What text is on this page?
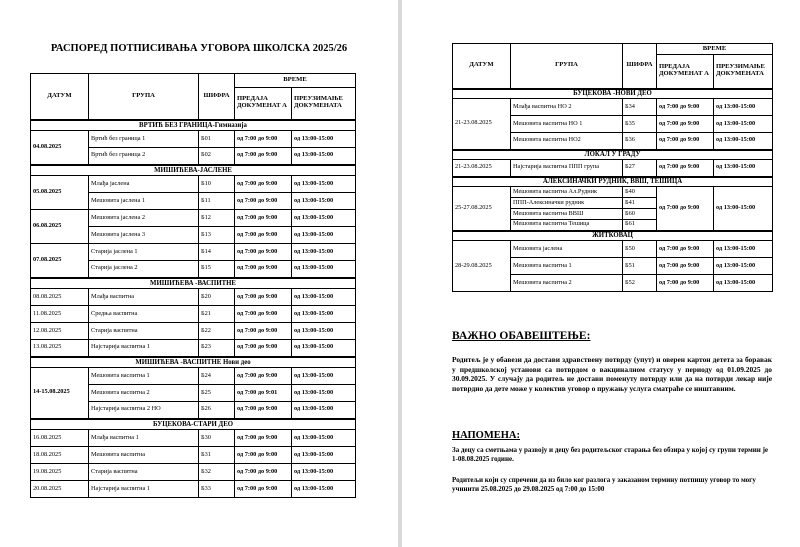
РАСПОРЕД ПОТПИСИВАЊА УГОВОРА ШКОЛСКА 2025/26
ДАТУМ	ГРУПА	ШИФРА	ВРЕМЕ	
			ПРЕДАЈА ДОКУМЕНАТ А	ПРЕУЗИМАЊЕ ДОКУМЕНАТА
ВРТИЋ БЕЗ ГРАНИЦА-Гимназија				
04.08.2025	Вртић без граница 1	Б01	од 7:00 до 9:00	од 13:00-15:00
	Вртић без граница 2	Б02	од 7:00 до 9:00	од 13:00-15:00
МИШИЋЕВА-ЈАСЛЕНЕ				
05.08.2025	Млађа јасленa	Б10	од 7:00 до 9:00	од 13:00-15:00
	Мешовита јаслена 1	Б11	од 7:00 до 9:00	од 13:00-15:00
06.08.2025	Мешовита јаслена 2	Б12	од 7:00 до 9:00	од 13:00-15:00
	Мешовита јаслена 3	Б13	од 7:00 до 9:00	од 13:00-15:00
07.08.2025	Старија јаслена 1	Б14	од 7:00 до 9:00	од 13:00-15:00
	Старија јаслена 2	Б15	од 7:00 до 9:00	од 13:00-15:00
МИШИЋЕВА -ВАСПИТНЕ				
08.08.2025	Млађа васпитна	Б20	од 7:00 до 9:00	од 13:00-15:00
11.08.2025	Средња васпитна	Б21	од 7:00 до 9:00	од 13:00-15:00
12.08.2025	Старија васпитна	Б22	од 7:00 до 9:00	од 13:00-15:00
13.08.2025	Најстарија васпитна 1	Б23	од 7:00 до 9:00	од 13:00-15:00
МИШИЋЕВА -ВАСПИТНЕ Нови део				
14-15.08.2025	Мешовита васпитна 1	Б24	од 7:00 до 9:00	од 13:00-15:00
	Мешовита васпитна 2	Б25	од 7:00 до 9:01	од 13:00-15:00
	Најстарија васпитна 2 НО	Б26	од 7:00 до 9:00	од 13:00-15:00
БУЦЕКОВА-СТАРИ ДЕО				
16.08.2025	Млађа васпитна 1	Б30	од 7:00 до 9:00	од 13:00-15:00
18.08.2025	Мешовита васпитна	Б31	од 7:00 до 9:00	од 13:00-15:00
19.08.2025	Старија васпитна	Б32	од 7:00 до 9:00	од 13:00-15:00
20.08.2025	Најстарија васпитна 1	Б33	од 7:00 до 9:00	од 13:00-15:00
ДАТУМ	ГРУПА	ШИФРА	ВРЕМЕ	
			ПРЕДАЈА ДОКУМЕНАТ А	ПРЕУЗИМАЊЕ ДОКУМЕНАТА
БУЦЕКОВА -НОВИ ДЕО				
21-23.08.2025	Млађа васпитна НО 2	Б34	од 7:00 до 9:00	од 13:00-15:00
	Мешовита васпитна НО 1	Б35	од 7:00 до 9:00	од 13:00-15:00
	Мешовита васпитна НО2	Б36	од 7:00 до 9:00	од 13:00-15:00
ЛОКАЛ У ГРАДУ				
21-23.08.2025	Најстарија васпитна ППП група	Б27	од 7:00 до 9:00	од 13:00-15:00
АЛЕКСИНАЧКИ РУДНИК, ВВШ, ТЕШИЦА				
25-27.08.2025	Мешовита васпитна Ал.Рудник	Б40	од 7:00 до 9:00	од 13:00-15:00
	ППП-Алексиначки рудник	Б41		
	Мешовита васпитна ВВШ	Б60		
	Мешовита васпитна Тешица	Б61		
ЖИТКОВАЦ				
28-29.08.2025	Мешовита јаслена	Б50	од 7:00 до 9:00	од 13:00-15:00
	Мешовита васпитна 1	Б51	од 7:00 до 9:00	од 13:00-15:00
	Мешовита васпитна 2	Б52	од 7:00 до 9:00	од 13:00-15:00
ВАЖНО ОБАВЕШТЕЊЕ:
Родитељ је у обавези да достави здравствену потврду (упут) и оверен картон детета за боравак у предшколској установи са потврдом о вакциналном статусу у периоду од 01.09.2025 до 30.09.2025. У случају да родитељ не достави поменуту потврду или да на потврди лекар није потврдио да дете може у колектив уговор о пружању услуга сматраће се ништавним.
НАПОМЕНА:
За децу са сметњама у развоју и децу без родитељског старања без обзира у којој су групи термин је 1-08.08.2025 године.
Родитељи који су спречени да из било ког разлога у заказаном термину потпишу уговор то могу учинити 25.08.2025 до 29.08.2025 од 7:00 до 15:00
